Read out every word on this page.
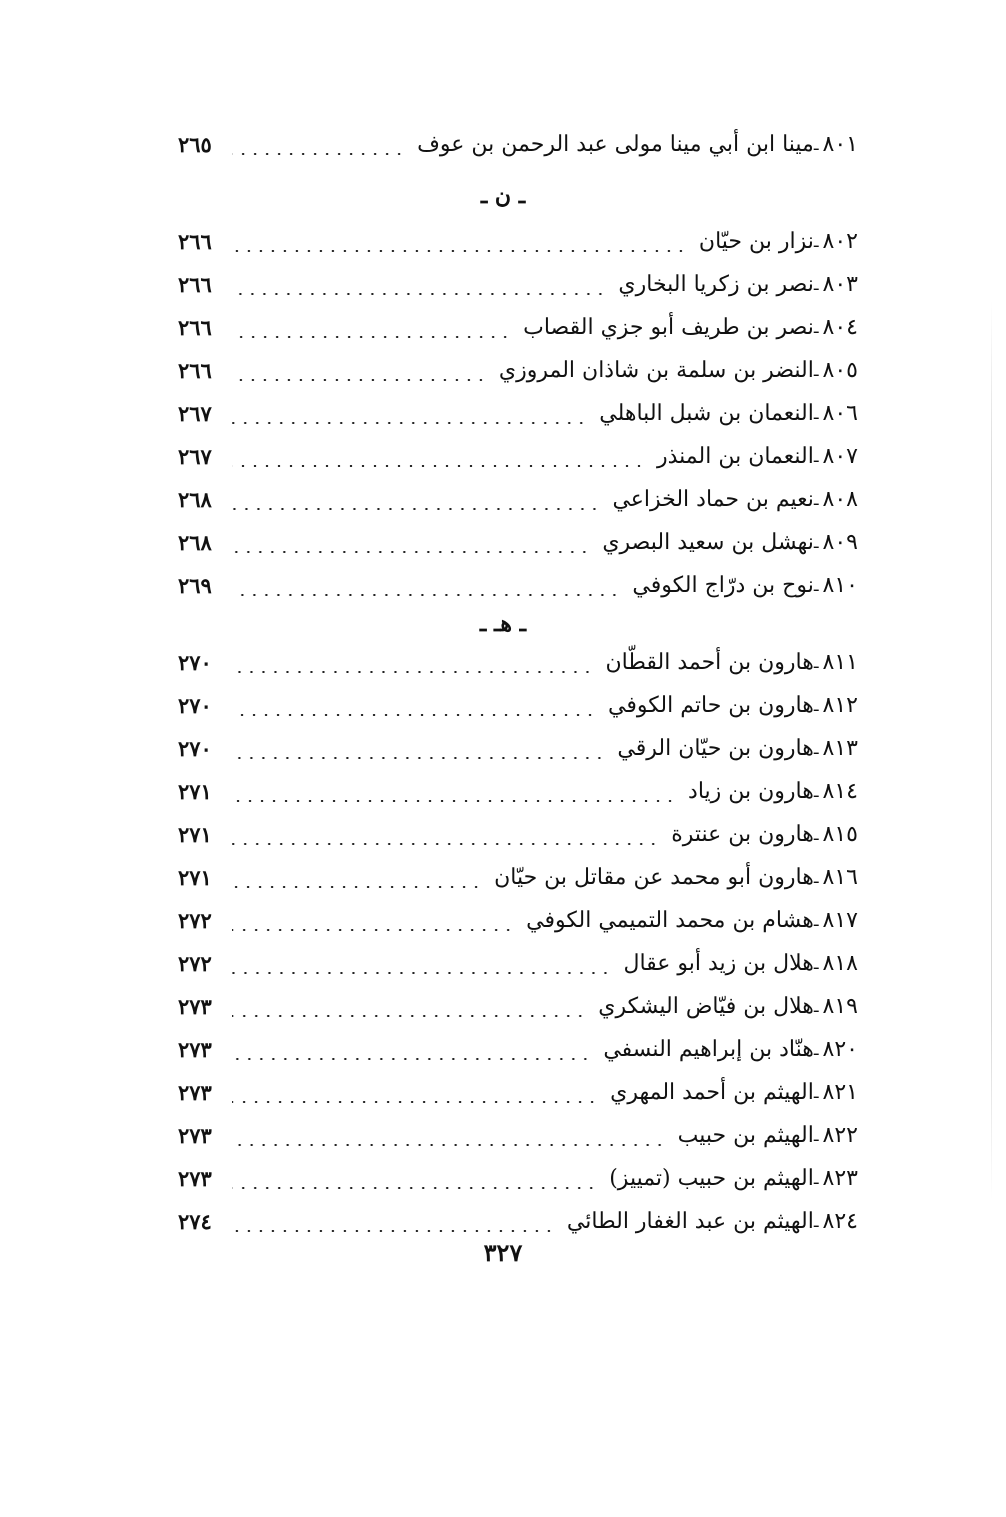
٨٠١
ـ
مينا ابن أبي مينا مولى عبد الرحمن بن عوف
٢٦٥
ـ ن ـ
٨٠٢
ـ
نزار بن حيّان
٢٦٦
٨٠٣
ـ
نصر بن زكريا البخاري
٢٦٦
٨٠٤
ـ
نصر بن طريف أبو جزي القصاب
٢٦٦
٨٠٥
ـ
النضر بن سلمة بن شاذان المروزي
٢٦٦
٨٠٦
ـ
النعمان بن شبل الباهلي
٢٦٧
٨٠٧
ـ
النعمان بن المنذر
٢٦٧
٨٠٨
ـ
نعيم بن حماد الخزاعي
٢٦٨
٨٠٩
ـ
نهشل بن سعيد البصري
٢٦٨
٨١٠
ـ
نوح بن درّاج الكوفي
٢٦٩
ـ هـ ـ
٨١١
ـ
هارون بن أحمد القطّان
٢٧٠
٨١٢
ـ
هارون بن حاتم الكوفي
٢٧٠
٨١٣
ـ
هارون بن حيّان الرقي
٢٧٠
٨١٤
ـ
هارون بن زياد
٢٧١
٨١٥
ـ
هارون بن عنترة
٢٧١
٨١٦
ـ
هارون أبو محمد عن مقاتل بن حيّان
٢٧١
٨١٧
ـ
هشام بن محمد التميمي الكوفي
٢٧٢
٨١٨
ـ
هلال بن زيد أبو عقال
٢٧٢
٨١٩
ـ
هلال بن فيّاض اليشكري
٢٧٣
٨٢٠
ـ
هنّاد بن إبراهيم النسفي
٢٧٣
٨٢١
ـ
الهيثم بن أحمد المهري
٢٧٣
٨٢٢
ـ
الهيثم بن حبيب
٢٧٣
٨٢٣
ـ
الهيثم بن حبيب (تمييز)
٢٧٣
٨٢٤
ـ
الهيثم بن عبد الغفار الطائي
٢٧٤
٣٢٧
